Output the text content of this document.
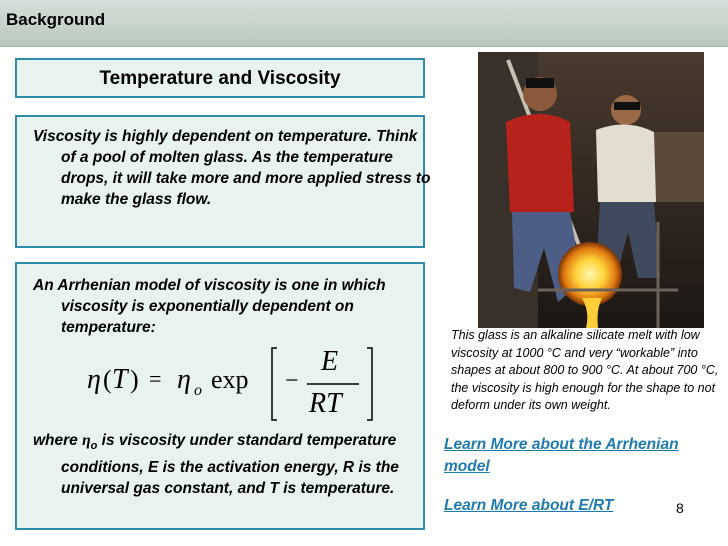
Background
Temperature and Viscosity
Viscosity is highly dependent on temperature. Think of a pool of molten glass. As the temperature drops, it will take more and more applied stress to make the glass flow.
An Arrhenian model of viscosity is one in which viscosity is exponentially dependent on temperature:
η ( T ) = η o exp −
E
RT
where $\eta_o$ is viscosity under standard temperature conditions, E is the activation energy, R is the universal gas constant, and T is temperature.
This glass is an alkaline silicate melt with low viscosity at 1000 °C and very “workable” into shapes at about 800 to 900 °C. At about 700 °C, the viscosity is high enough for the shape to not deform under its own weight.
Learn More about the Arrhenian model
Learn More about E/RT	8
